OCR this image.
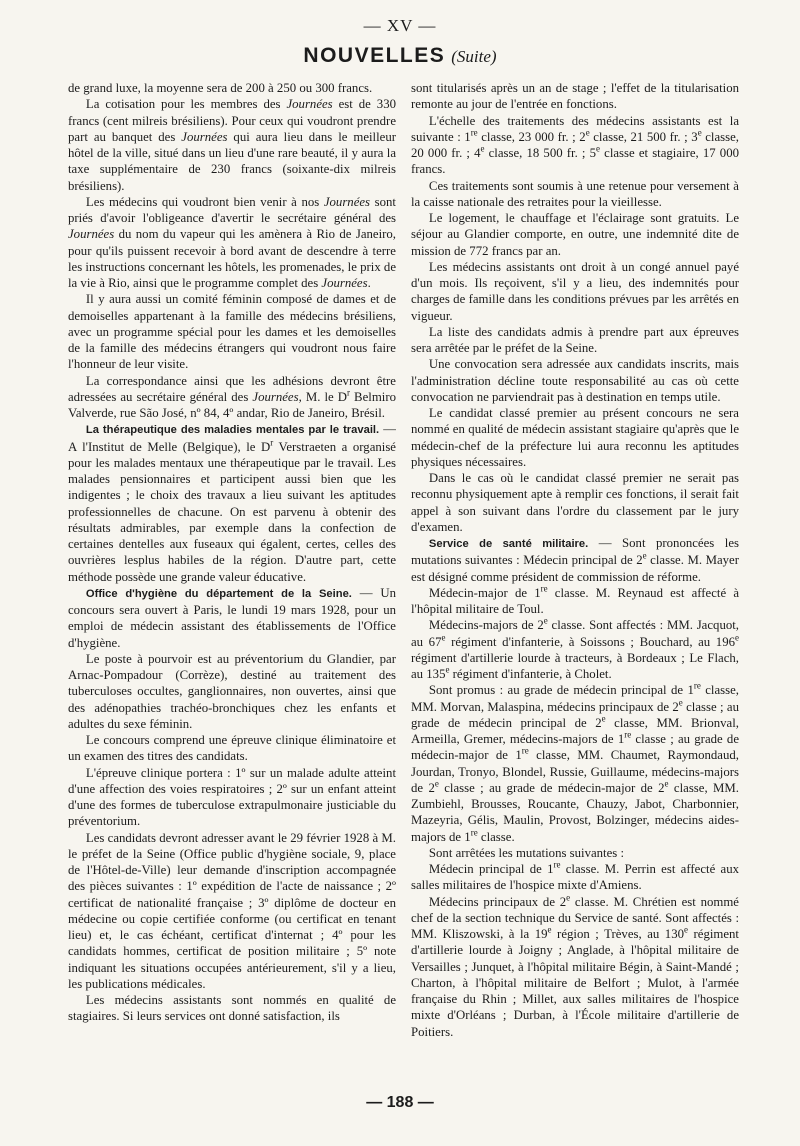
— XV —
NOUVELLES (Suite)

de grand luxe, la moyenne sera de 200 à 250 ou 300 francs.

La cotisation pour les membres des Journées est de 330 francs (cent milreis brésiliens). Pour ceux qui voudront prendre part au banquet des Journées qui aura lieu dans le meilleur hôtel de la ville, situé dans un lieu d'une rare beauté, il y aura la taxe supplémentaire de 230 francs (soixante-dix milreis brésiliens).

Les médecins qui voudront bien venir à nos Journées sont priés d'avoir l'obligeance d'avertir le secrétaire général des Journées du nom du vapeur qui les amènera à Rio de Janeiro, pour qu'ils puissent recevoir à bord avant de descendre à terre les instructions concernant les hôtels, les promenades, le prix de la vie à Rio, ainsi que le programme complet des Journées.

Il y aura aussi un comité féminin composé de dames et de demoiselles appartenant à la famille des médecins brésiliens, avec un programme spécial pour les dames et les demoiselles de la famille des médecins étrangers qui voudront nous faire l'honneur de leur visite.

La correspondance ainsi que les adhésions devront être adressées au secrétaire général des Journées, M. le $D^r$ Belmiro Valverde, rue São José, nº 84, 4º andar, Rio de Janeiro, Brésil.

La thérapeutique des maladies mentales par le travail. — A l'Institut de Melle (Belgique), le $D^r$ Verstraeten a organisé pour les malades mentaux une thérapeutique par le travail. Les malades pensionnaires et participent aussi bien que les indigentes ; le choix des travaux a lieu suivant les aptitudes professionnelles de chacune. On est parvenu à obtenir des résultats admirables, par exemple dans la confection de certaines dentelles aux fuseaux qui égalent, certes, celles des ouvrières lesplus habiles de la région. D'autre part, cette méthode possède une grande valeur éducative.

Office d'hygiène du département de la Seine. — Un concours sera ouvert à Paris, le lundi 19 mars 1928, pour un emploi de médecin assistant des établissements de l'Office d'hygiène.

Le poste à pourvoir est au préventorium du Glandier, par Arnac-Pompadour (Corrèze), destiné au traitement des tuberculoses occultes, ganglionnaires, non ouvertes, ainsi que des adénopathies trachéo-bronchiques chez les enfants et adultes du sexe féminin.

Le concours comprend une épreuve clinique éliminatoire et un examen des titres des candidats.

L'épreuve clinique portera : 1º sur un malade adulte atteint d'une affection des voies respiratoires ; 2º sur un enfant atteint d'une des formes de tuberculose extrapulmonaire justiciable du préventorium.

Les candidats devront adresser avant le 29 février 1928 à M. le préfet de la Seine (Office public d'hygiène sociale, 9, place de l'Hôtel-de-Ville) leur demande d'inscription accompagnée des pièces suivantes : 1º expédition de l'acte de naissance ; 2º certificat de nationalité française ; 3º diplôme de docteur en médecine ou copie certifiée conforme (ou certificat en tenant lieu) et, le cas échéant, certificat d'internat ; 4º pour les candidats hommes, certificat de position militaire ; 5º note indiquant les situations occupées antérieurement, s'il y a lieu, les publications médicales.

Les médecins assistants sont nommés en qualité de stagiaires. Si leurs services ont donné satisfaction, ils

sont titularisés après un an de stage ; l'effet de la titularisation remonte au jour de l'entrée en fonctions.

L'échelle des traitements des médecins assistants est la suivante : 1re classe, 23 000 fr. ; 2e classe, 21 500 fr. ; 3e classe, 20 000 fr. ; 4e classe, 18 500 fr. ; 5e classe et stagiaire, 17 000 francs.

Ces traitements sont soumis à une retenue pour versement à la caisse nationale des retraites pour la vieillesse.

Le logement, le chauffage et l'éclairage sont gratuits. Le séjour au Glandier comporte, en outre, une indemnité dite de mission de 772 francs par an.

Les médecins assistants ont droit à un congé annuel payé d'un mois. Ils reçoivent, s'il y a lieu, des indemnités pour charges de famille dans les conditions prévues par les arrêtés en vigueur.

La liste des candidats admis à prendre part aux épreuves sera arrêtée par le préfet de la Seine.

Une convocation sera adressée aux candidats inscrits, mais l'administration décline toute responsabilité au cas où cette convocation ne parviendrait pas à destination en temps utile.

Le candidat classé premier au présent concours ne sera nommé en qualité de médecin assistant stagiaire qu'après que le médecin-chef de la préfecture lui aura reconnu les aptitudes physiques nécessaires.

Dans le cas où le candidat classé premier ne serait pas reconnu physiquement apte à remplir ces fonctions, il serait fait appel à son suivant dans l'ordre du classement par le jury d'examen.

Service de santé militaire. — Sont prononcées les mutations suivantes : Médecin principal de 2e classe. M. Mayer est désigné comme président de commission de réforme.

Médecin-major de 1re classe. M. Reynaud est affecté à l'hôpital militaire de Toul.

Médecins-majors de 2e classe. Sont affectés : MM. Jacquot, au 67e régiment d'infanterie, à Soissons ; Bouchard, au 196e régiment d'artillerie lourde à tracteurs, à Bordeaux ; Le Flach, au 135e régiment d'infanterie, à Cholet.

Sont promus : au grade de médecin principal de 1re classe, MM. Morvan, Malaspina, médecins principaux de 2e classe ; au grade de médecin principal de 2e classe, MM. Brionval, Armeilla, Gremer, médecins-majors de 1re classe ; au grade de médecin-major de 1re classe, MM. Chaumet, Raymondaud, Jourdan, Tronyo, Blondel, Russie, Guillaume, médecins-majors de 2e classe ; au grade de médecin-major de 2e classe, MM. Zumbiehl, Brousses, Roucante, Chauzy, Jabot, Charbonnier, Mazeyria, Gélis, Maulin, Provost, Bolzinger, médecins aides-majors de 1re classe.

Sont arrêtées les mutations suivantes :

Médecin principal de 1re classe. M. Perrin est affecté aux salles militaires de l'hospice mixte d'Amiens.

Médecins principaux de 2e classe. M. Chrétien est nommé chef de la section technique du Service de santé. Sont affectés : MM. Kliszowski, à la 19e région ; Trèves, au 130e régiment d'artillerie lourde à Joigny ; Anglade, à l'hôpital militaire de Versailles ; Junquet, à l'hôpital militaire Bégin, à Saint-Mandé ; Charton, à l'hôpital militaire de Belfort ; Mulot, à l'armée française du Rhin ; Millet, aux salles militaires de l'hospice mixte d'Orléans ; Durban, à l'École militaire d'artillerie de Poitiers.

— 188 —
